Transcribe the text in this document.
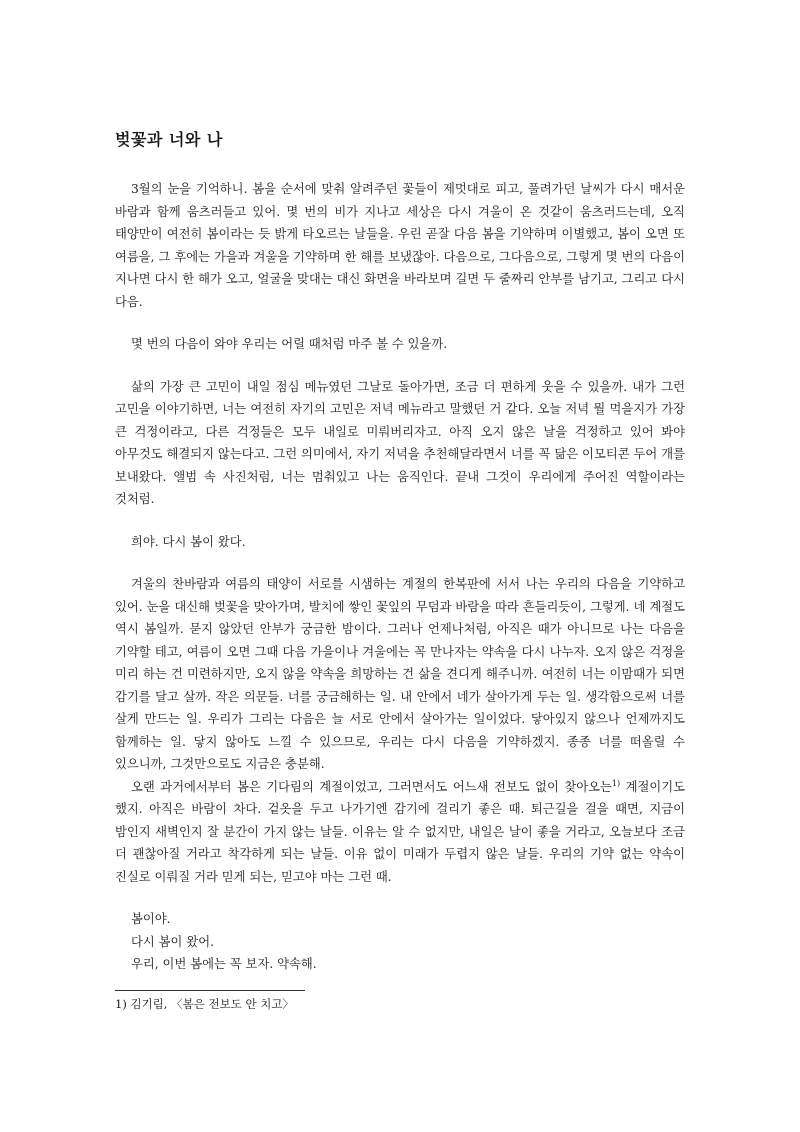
벚꽃과 너와 나

3월의 눈을 기억하니. 봄을 순서에 맞춰 알려주던 꽃들이 제멋대로 피고, 풀려가던 날씨가 다시 매서운 바람과 함께 움츠러들고 있어. 몇 번의 비가 지나고 세상은 다시 겨울이 온 것같이 움츠러드는데, 오직 태양만이 여전히 봄이라는 듯 밝게 타오르는 날들을. 우린 곧잘 다음 봄을 기약하며 이별했고, 봄이 오면 또 여름을, 그 후에는 가을과 겨울을 기약하며 한 해를 보냈잖아. 다음으로, 그다음으로, 그렇게 몇 번의 다음이 지나면 다시 한 해가 오고, 얼굴을 맞대는 대신 화면을 바라보며 길면 두 줄짜리 안부를 남기고, 그리고 다시 다음.

몇 번의 다음이 와야 우리는 어릴 때처럼 마주 볼 수 있을까.

삶의 가장 큰 고민이 내일 점심 메뉴였던 그날로 돌아가면, 조금 더 편하게 웃을 수 있을까. 내가 그런 고민을 이야기하면, 너는 여전히 자기의 고민은 저녁 메뉴라고 말했던 거 같다. 오늘 저녁 뭘 먹을지가 가장 큰 걱정이라고, 다른 걱정들은 모두 내일로 미뤄버리자고. 아직 오지 않은 날을 걱정하고 있어 봐야 아무것도 해결되지 않는다고. 그런 의미에서, 자기 저녁을 추천해달라면서 너를 꼭 닮은 이모티콘 두어 개를 보내왔다. 앨범 속 사진처럼, 너는 멈춰있고 나는 움직인다. 끝내 그것이 우리에게 주어진 역할이라는 것처럼.

희야. 다시 봄이 왔다.

겨울의 찬바람과 여름의 태양이 서로를 시샘하는 계절의 한복판에 서서 나는 우리의 다음을 기약하고 있어. 눈을 대신해 벚꽃을 맞아가며, 발치에 쌓인 꽃잎의 무덤과 바람을 따라 흔들리듯이, 그렇게. 네 계절도 역시 봄일까. 묻지 않았던 안부가 궁금한 밤이다. 그러나 언제나처럼, 아직은 때가 아니므로 나는 다음을 기약할 테고, 여름이 오면 그때 다음 가을이나 겨울에는 꼭 만나자는 약속을 다시 나누자. 오지 않은 걱정을 미리 하는 건 미련하지만, 오지 않을 약속을 희망하는 건 삶을 견디게 해주니까. 여전히 너는 이맘때가 되면 감기를 달고 살까. 작은 의문들. 너를 궁금해하는 일. 내 안에서 네가 살아가게 두는 일. 생각함으로써 너를 살게 만드는 일. 우리가 그리는 다음은 늘 서로 안에서 살아가는 일이었다. 닿아있지 않으나 언제까지도 함께하는 일. 닿지 않아도 느낄 수 있으므로, 우리는 다시 다음을 기약하겠지. 종종 너를 떠올릴 수 있으니까, 그것만으로도 지금은 충분해.

오랜 과거에서부터 봄은 기다림의 계절이었고, 그러면서도 어느새 전보도 없이 찾아오는$^{1)}$ 계절이기도 했지. 아직은 바람이 차다. 겉옷을 두고 나가기엔 감기에 걸리기 좋은 때. 퇴근길을 걸을 때면, 지금이 밤인지 새벽인지 잘 분간이 가지 않는 날들. 이유는 알 수 없지만, 내일은 날이 좋을 거라고, 오늘보다 조금 더 괜찮아질 거라고 착각하게 되는 날들. 이유 없이 미래가 두렵지 않은 날들. 우리의 기약 없는 약속이 진실로 이뤄질 거라 믿게 되는, 믿고야 마는 그런 때.

봄이야.

다시 봄이 왔어.

우리, 이번 봄에는 꼭 보자. 약속해.

1) 김기림, 〈봄은 전보도 안 치고〉
